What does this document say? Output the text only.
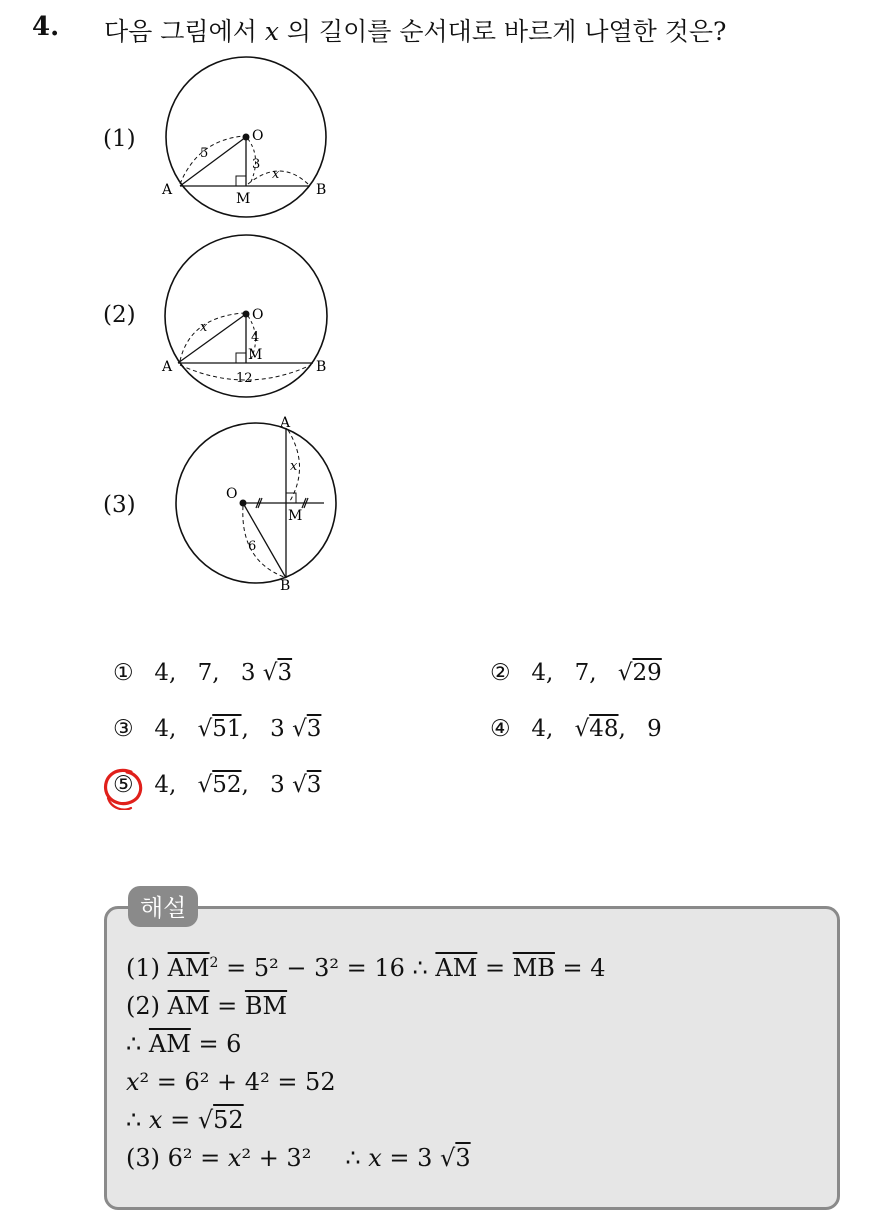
4. 다음 그림에서 x 의 길이를 순서대로 바르게 나열한 것은?
(1)	O
A	B
M
5
3
x
(2)	O
A	B
M
x
4
12
(3)
A
O
M
B
x
6
① 4, 7, 3 √3	② 4, 7, √29
③ 4, √51, 3 √3	④ 4, √48, 9
⑤ 4, √52, 3 √3
해설
(1) $\overline{AM}^2 = 5^2 - 3^2 = 16$ ∴ $\overline{AM} = \overline{MB} = 4$
(2) $\overline{AM} = \overline{BM}$
∴ $\overline{AM} = 6$
x² = 6² + 4² = 52
∴ x = √52
(3) 6² = x² + 3² ∴ x = 3 √3
